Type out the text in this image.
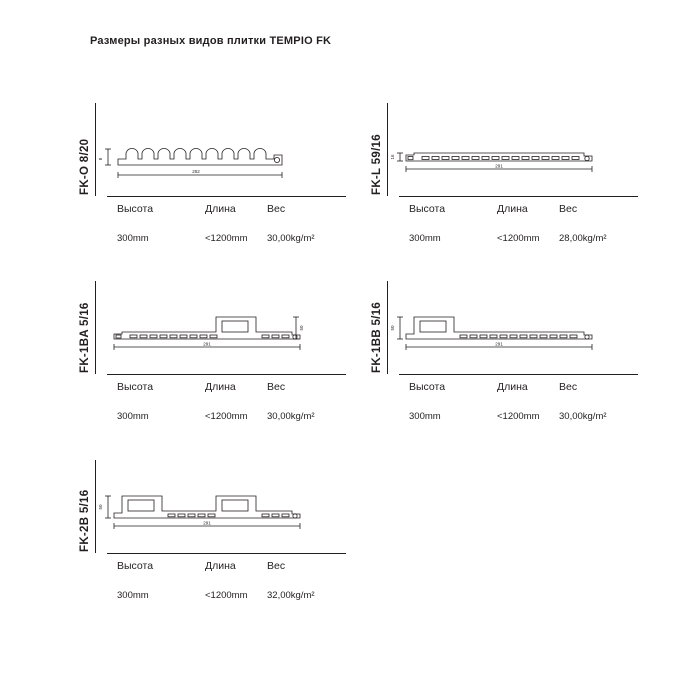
Размеры разных видов плитки TEMPIO FK
FK-O 8/20	252
8
Высота	Длина	Вес
300mm	<1200mm	30,00kg/m²
FK-L 59/16	291
16
Высота	Длина	Вес
300mm	<1200mm	28,00kg/m²
FK-1BA 5/16	291
50
Высота	Длина	Вес
300mm	<1200mm	30,00kg/m²
FK-1BB 5/16	291
50
Высота	Длина	Вес
300mm	<1200mm	30,00kg/m²
FK-2B 5/16	291
50
Высота	Длина	Вес
300mm	<1200mm	32,00kg/m²
